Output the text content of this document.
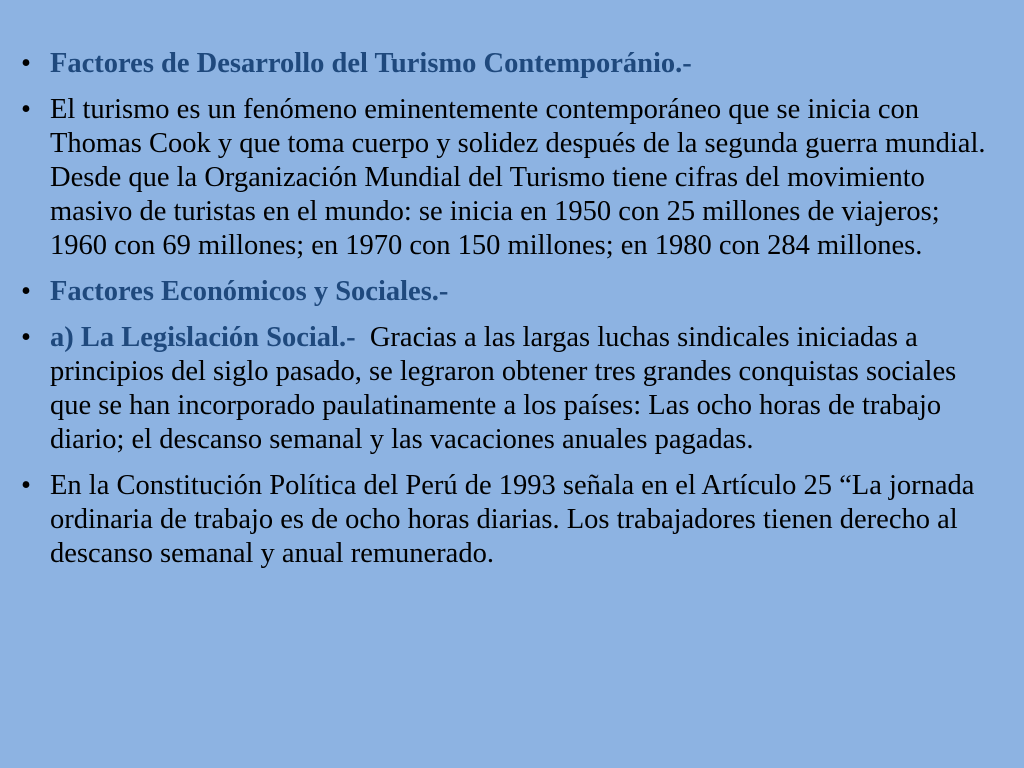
• Factores de Desarrollo del Turismo Contemporánio.-
• El turismo es un fenómeno eminentemente contemporáneo que se inicia con Thomas Cook y que toma cuerpo y solidez después de la segunda guerra mundial. Desde que la Organización Mundial del Turismo tiene cifras del movimiento masivo de turistas en el mundo: se inicia en 1950 con 25 millones de viajeros; 1960 con 69 millones; en 1970 con 150 millones; en 1980 con 284 millones.
• Factores Económicos y Sociales.-
• a) La Legislación Social.-  Gracias a las largas luchas sindicales iniciadas a principios del siglo pasado, se legraron obtener tres grandes conquistas sociales que se han incorporado paulatinamente a los países: Las ocho horas de trabajo diario; el descanso semanal y las vacaciones anuales pagadas.
• En la Constitución Política del Perú de 1993 señala en el Artículo 25 “La jornada ordinaria de trabajo es de ocho horas diarias. Los trabajadores tienen derecho al descanso semanal y anual remunerado.
